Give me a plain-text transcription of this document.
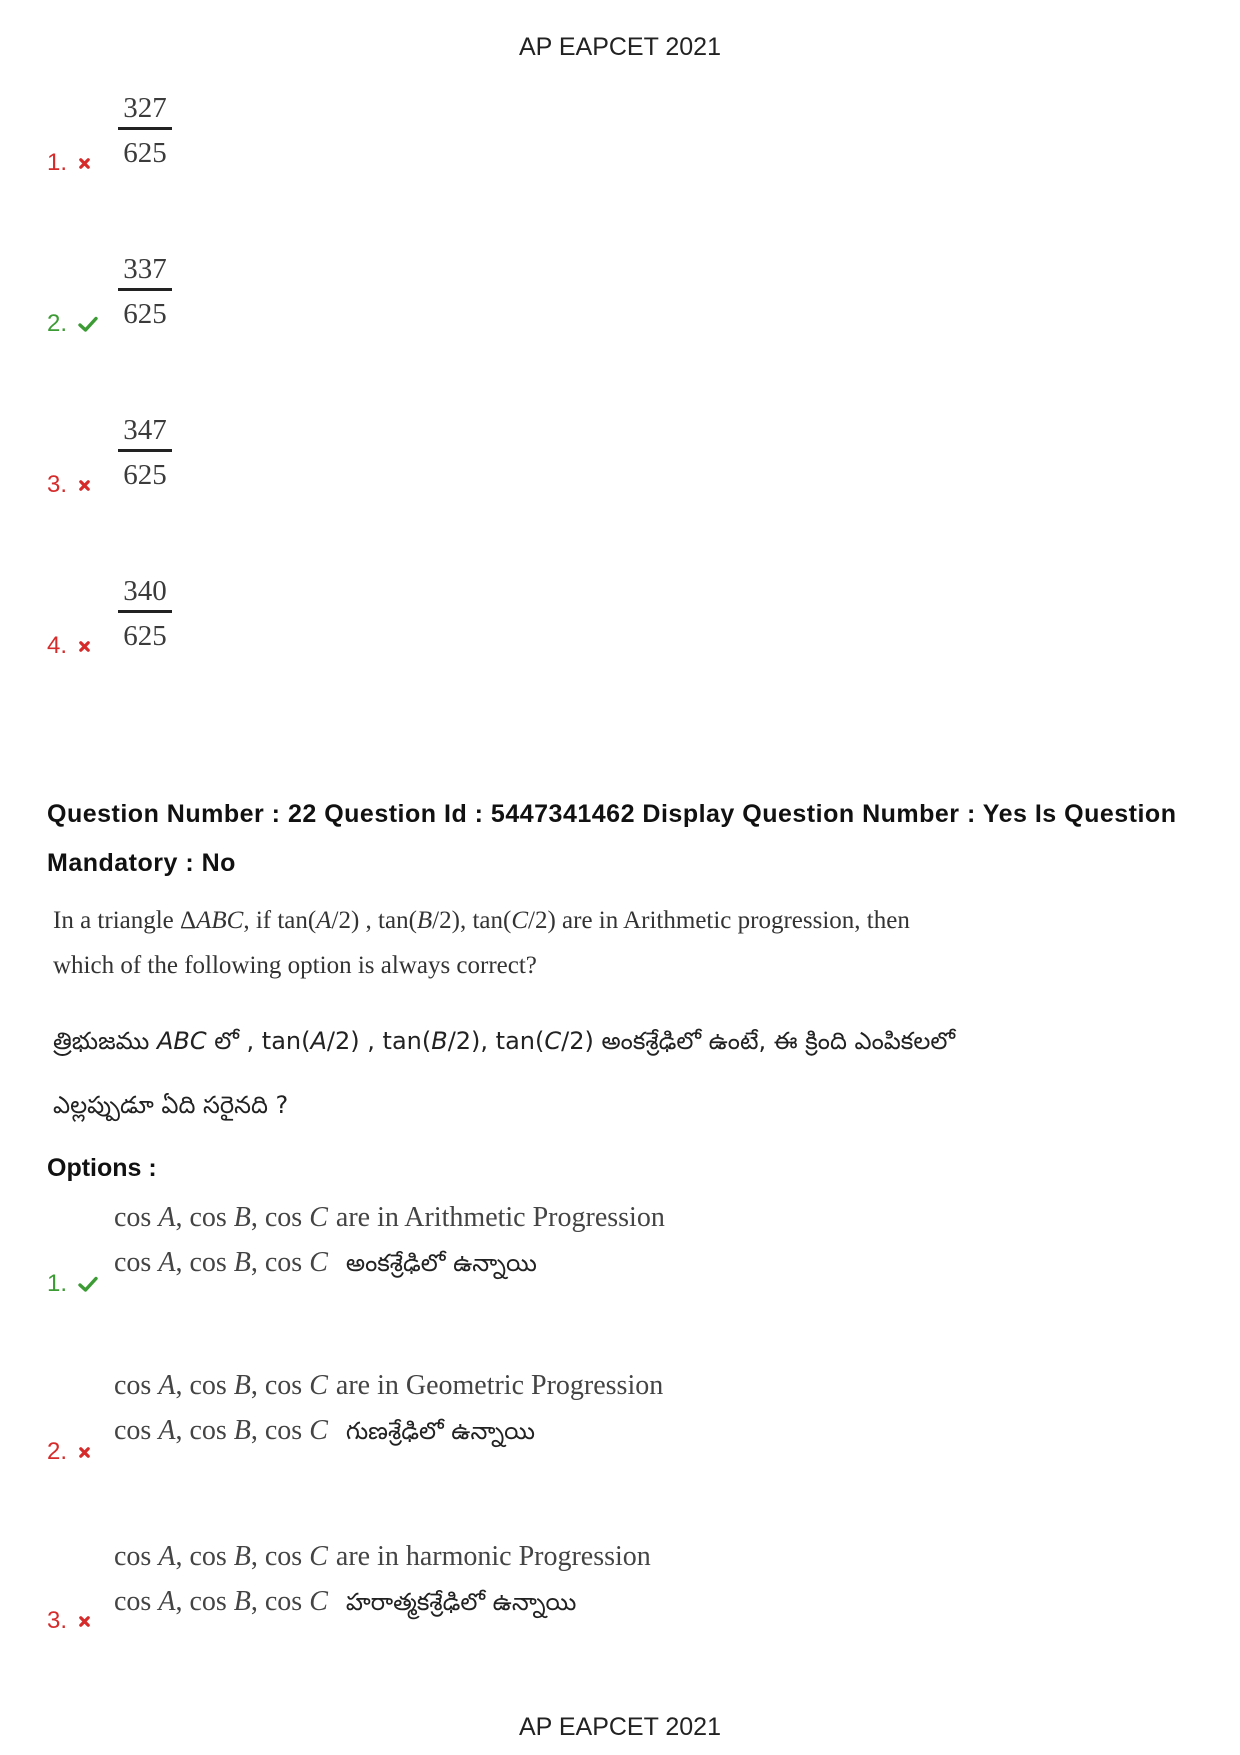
AP EAPCET 2021
327
625
1.
337
625
2.
347
625
3.
340
625
4.
Question Number : 22 Question Id : 5447341462 Display Question Number : Yes Is Question
Mandatory : No
In a triangle ΔABC, if tan(A/2) , tan(B/2), tan(C/2) are in Arithmetic progression, then
which of the following option is always correct?
త్రిభుజము ABC లో , tan(A/2) , tan(B/2), tan(C/2) అంకశ్రేఢిలో ఉంటే, ఈ క్రింది ఎంపికలలో
ఎల్లప్పుడూ ఏది సరైనది ?
Options :
cos A, cos B, cos C are in Arithmetic Progression
cos A, cos B, cos C అంకశ్రేఢిలో ఉన్నాయి
1.
cos A, cos B, cos C are in Geometric Progression
cos A, cos B, cos C గుణశ్రేఢిలో ఉన్నాయి
2.
cos A, cos B, cos C are in harmonic Progression
cos A, cos B, cos C హరాత్మకశ్రేఢిలో ఉన్నాయి
3.
AP EAPCET 2021
